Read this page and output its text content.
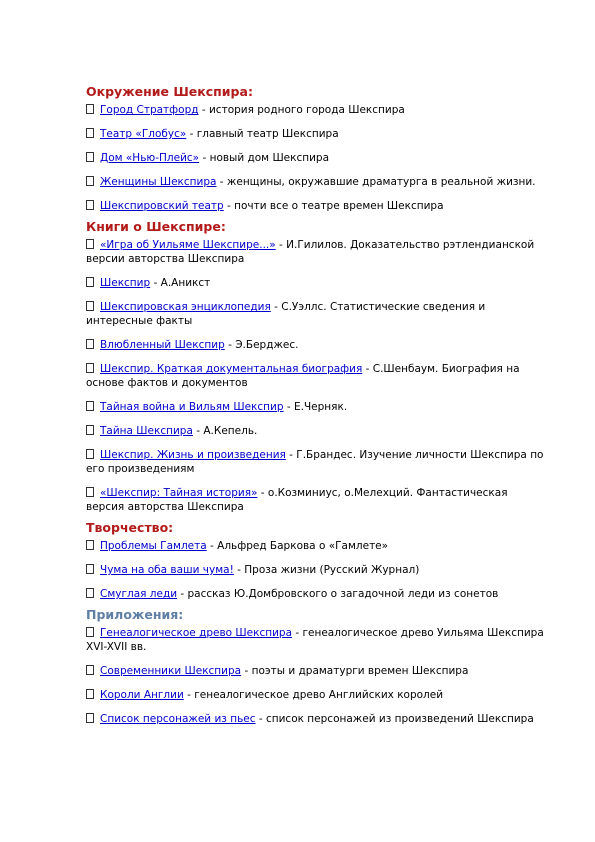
Окружение Шекспира:
Город Стратфорд - история родного города Шекспира
Театр «Глобус» - главный театр Шекспира
Дом «Нью-Плейс» - новый дом Шекспира
Женщины Шекспира - женщины, окружавшие драматурга в реальной жизни.
Шекспировский театр - почти все о театре времен Шекспира
Книги о Шекспире:
«Игра об Уильяме Шекспире...» - И.Гилилов. Доказательство рэтлендианской версии авторства Шекспира
Шекспир - А.Аникст
Шекспировская энциклопедия - С.Уэллс. Статистические сведения и интересные факты
Влюбленный Шекспир - Э.Берджес.
Шекспир. Краткая документальная биография - С.Шенбаум. Биография на основе фактов и документов
Тайная война и Вильям Шекспир - Е.Черняк.
Тайна Шекспира - А.Кепель.
Шекспир. Жизнь и произведения - Г.Брандес. Изучение личности Шекспира по его произведениям
«Шекспир: Тайная история» - о.Козминиус, о.Мелехций. Фантастическая версия авторства Шекспира
Творчество:
Проблемы Гамлета - Альфред Баркова о «Гамлете»
Чума на оба ваши чума! - Проза жизни (Русский Журнал)
Смуглая леди - рассказ Ю.Домбровского о загадочной леди из сонетов
Приложения:
Генеалогическое древо Шекспира - генеалогическое древо Уильяма Шекспира XVI-XVII вв.
Современники Шекспира - поэты и драматурги времен Шекспира
Короли Англии - генеалогическое древо Английских королей
Список персонажей из пьес - список персонажей из произведений Шекспира
